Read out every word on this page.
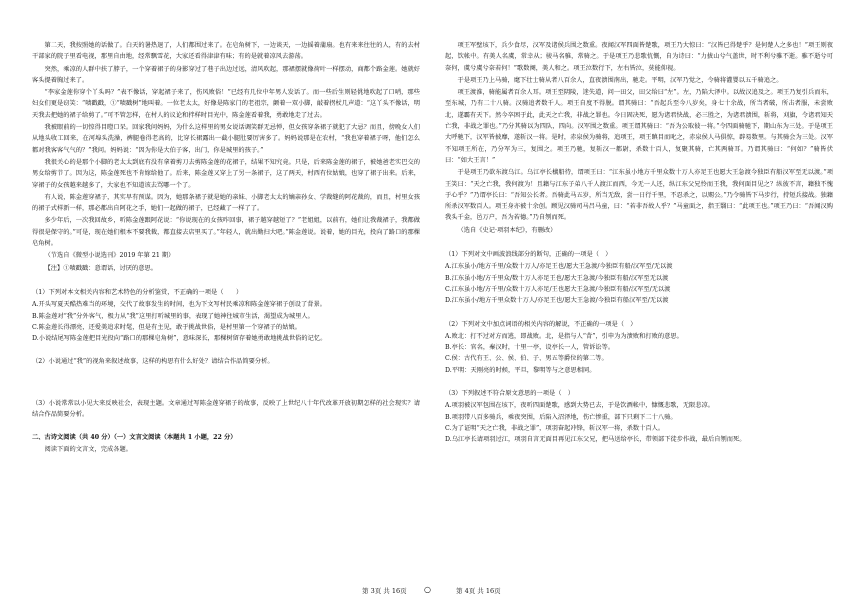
第二天，我按照她的话做了。白天的暑热退了，人们都围过来了。在皂角树下，一边谈天，一边摇着蒲扇。也有来来往往的人，有的去村干部家的院子里看电视，那里自由地，经常飘雪花，大家还看得津津有味；有的是就着凉风去游荡。

突然，乘凉的人群中扶了脖子，一个穿着裙子的身影穿过了巷子出边过远，清风吹起，那裙摆就像荷叶一样摆动，商都个路金莲。她就好客头提着胸过来了。

“李家金莲你穿个丫头吗？”表不像话，穿起裙子来了，伤风败俗！”已经有几位中年男人发话了。而一些后生则轻佻地吹起了口哨，那些妇女们更是窃笑：“啧戳戳，①“啧戳树”地叫着。一位老太太，好像是陈家门的老祖宗，颤着一双小脚，敲着拐杖几声道：“这丫头不像话，明天我去把她的裙子给剪了。”可不管怎样，在村人的议论和拌样时目光中，陈金莲看着我，勇敢地走了过去。

我被眼前的一切惊得目瞪口呆。回家我问妈妈，为什么这样里的男女说话调笑群无忌惮，但女孩穿条裙子就犯了大忌？而且，傍晚女人们从地头收工回来，在河埠头洗澡，裤腿卷得老高的，比穿长裙露出一截小腿肚要厉害多了。妈妈说那是在农村，“我也穿着裙子呀，他们怎么都对我客客气气的？”我问。妈妈说：“因为你是大伯子客，出门，你是城里的孩子。”

我很关心的是那个小脚的老太太到底有没有拿着剪刀去剪陈金莲的花裙子，结果不知究竟。只是，后来陈金莲的裙子，被她爸老实巴交的男女给剪节了。因为这，陈金莲死也不肯嫁给他了。后来，陈金莲又穿上了另一条裙子，这了两天，村西有位姑娘，也穿了裙子出来。后来，穿裙子的女孩越来越多了，大家也不知道该去骂哪一个了。

有人说，陈金莲穿裙子，其实早有预谋。因为，她那条裙子就是她的亲妹、小脚老太太的嫡亲孙女、学裁缝的阿花裁的，而且，村里女孩的裙子式样新一样，那必都出自阿花之手，她们一起做的裙子，已经藏了一样了了。

多少年后，一次我回故乡，听陈金莲跟阿花说：“你说现在的女孩咋回事，裙子越穿越短了？”老姐姐，以前有，她们让我裁裙子，我都做得很是保守的。”可是，现在她们根本不要我裁，都直接去店里买了。”年轻人，就出勤扫大吧。”陈金莲说。说着，她的目光，投向了路口的那棵皂角树。

（节选自《微型小说选刊》2019 年第 21 期）

【注】①啧戳戳：意谓话，讨厌的意思。

（1）下列对本文相关内容和艺术特色的分析鉴赏，不正确的一项是（　　）

A.开头写夏天酷热难当的环境，交代了故事发生的时间，也为下文写村民乘凉和陈金莲穿裙子创设了背景。

B.陈金莲对“我”分外客气，极力从“我”这里打听城里的事，表现了她神往城市生活，渴望成为城里人。

C.陈金莲长得漂亮，还爱美追求时髦，但是有主见，敢于挑战世俗，是村里第一个穿裙子的姑娘。

D.小说结尾写陈金莲把目光投向“路口的那棵皂角树”，意味深长，那棵树留存着她勇敢地挑战世俗的记忆。

（2）小说通过“我”的视角来叙述故事，这样的构思有什么好处？请结合作品简要分析。

（3）小说常常以小见大来反映社会，表现主题。文章通过写陈金莲穿裙子的故事，反映了上世纪八十年代改革开放初期怎样的社会现实？请结合作品简要分析。

二、古诗文阅读（共 40 分）（一）文言文阅读（本题共 1 小题，22 分）

阅读下面的文言文，完成各题。

项王军壁垓下，兵少食尽，汉军及诸侯兵围之数重。夜闻汉军四面皆楚歌，项王乃大惊曰：“汉皆已得楚乎？是何楚人之多也！”项王则夜起，饮帐中。有美人名虞，常幸从；骏马名骓，常骑之。于是项王乃悲歌忼慨，自为诗曰：“力拔山兮气盖世，时不利兮骓不逝。骓不逝兮可奈何，虞兮虞兮奈若何！”歌数阕，美人和之。项王泣数行下，左右皆泣，莫能仰视。

于是项王乃上马骑，麾下壮士骑从者八百余人，直夜溃围南出，驰走。平明，汉军乃觉之，令骑将灌婴以五千骑追之。

项王渡淮，骑能属者百余人耳。项王至阴陵，迷失道，问一田父，田父绐曰“左”。左，乃陷大泽中。以故汉追及之。项王乃复引兵而东，至东城，乃有二十八骑。汉骑追者数千人。项王自度不得脱。谓其骑曰：“吾起兵至今八岁矣，身七十余战，所当者破，所击者服，未尝败北，遂霸有天下。然今卒困于此，此天之亡我，非战之罪也。今日固决死，愿为诸君快战，必三胜之，为诸君溃围，斩将，刈旗，令诸君知天亡我，非战之罪也。”乃分其骑以为四队，四向。汉军围之数重。项王谓其骑曰：“吾为公取彼一将。”令四面骑驰下，期山东为三处。于是项王大呼驰下，汉军皆披靡，遂斩汉一将。是时，赤泉侯为骑将，追项王，项王瞋目而叱之，赤泉侯人马俱惊，辟易数里。与其骑会为三处。汉军不知项王所在，乃分军为三，复围之。项王乃驰，复斩汉一都尉，杀数十百人，复聚其骑，亡其两骑耳。乃谓其骑曰：“何如？”骑皆伏曰：“如大王言！”

于是项王乃欲东渡乌江。乌江亭长檥船待，谓项王曰：“江东虽小地方千里众数十万人亦足王也愿大王急渡今独臣有船汉军至无以渡。”项王笑曰：“天之亡我，我何渡为！且籍与江东子弟八千人渡江而西，今无一人还，纵江东父兄怜而王我，我何面目见之？纵彼不言，籍独不愧于心乎？”乃谓亭长曰：“吾知公长者。吾骑此马五岁，所当无敌，尝一日行千里，不忍杀之，以赐公。”乃令骑皆下马步行，持短兵接战。独籍所杀汉军数百人。项王身亦被十余创。顾见汉骑司马吕马童，曰：“若非吾故人乎？”马童面之，指王翳曰：“此项王也。”项王乃曰：“吾闻汉购我头千金，邑万户，吾为若德。”乃自刎而死。

（选自《史记·项羽本纪》，有删改）

（1）下列对文中画波浪线部分的断句，正确的一项是（　）

A.江东虽小/地方千里/众数十万人/亦足王也/愿大王急渡/今独臣有船/汉军至/无以渡

B.江东虽小地/方千里众/数十万人亦足王也/愿大王急渡/今独臣有船/汉军至无以渡

C.江东虽小地/方千里/众数十万人亦足/王也愿大王急渡/今独臣有船/汉军至/无以渡

D.江东虽小/地方千里众数十万人/亦足王也/愿大王急渡/今独臣有船汉军至/无以渡

（2）下列对文中加点词语的相关内容的解说，不正确的一项是（　）

A.败北：打不过对方而逃，即战败。北，是指与人“背”，引申为为溃败和打败的意思。

B.亭长：官名，秦汉时，十里一亭，设亭长一人，管诉讼等。

C.侯：古代有王、公、侯、伯、子、男五等爵位的第二等。

D.平明：天刚亮的时候，平旦，黎明等与之意思相同。

（3）下列叙述不符合原文意思的一项是（　）

A.项羽被汉军包围在垓下，夜听四面楚歌，感到大势已去，于是饮酒帐中，慷慨悲歌，无限悲凉。

B.项羽带八百多骑兵，乘夜突围，后陷入沼泽地，伤亡惨重，部下只剩下二十八骑。

C.为了证明“天之亡我，非战之罪”，项羽奋起冲锋，斩汉军一将，杀数十百人。

D.乌江亭长请项羽过江，项羽自言无面目再见江东父兄，把马送给亭长，带领部下徒步作战，最后自刎而死。

第 3页 共 16页 ○	第 4页 共 16页
